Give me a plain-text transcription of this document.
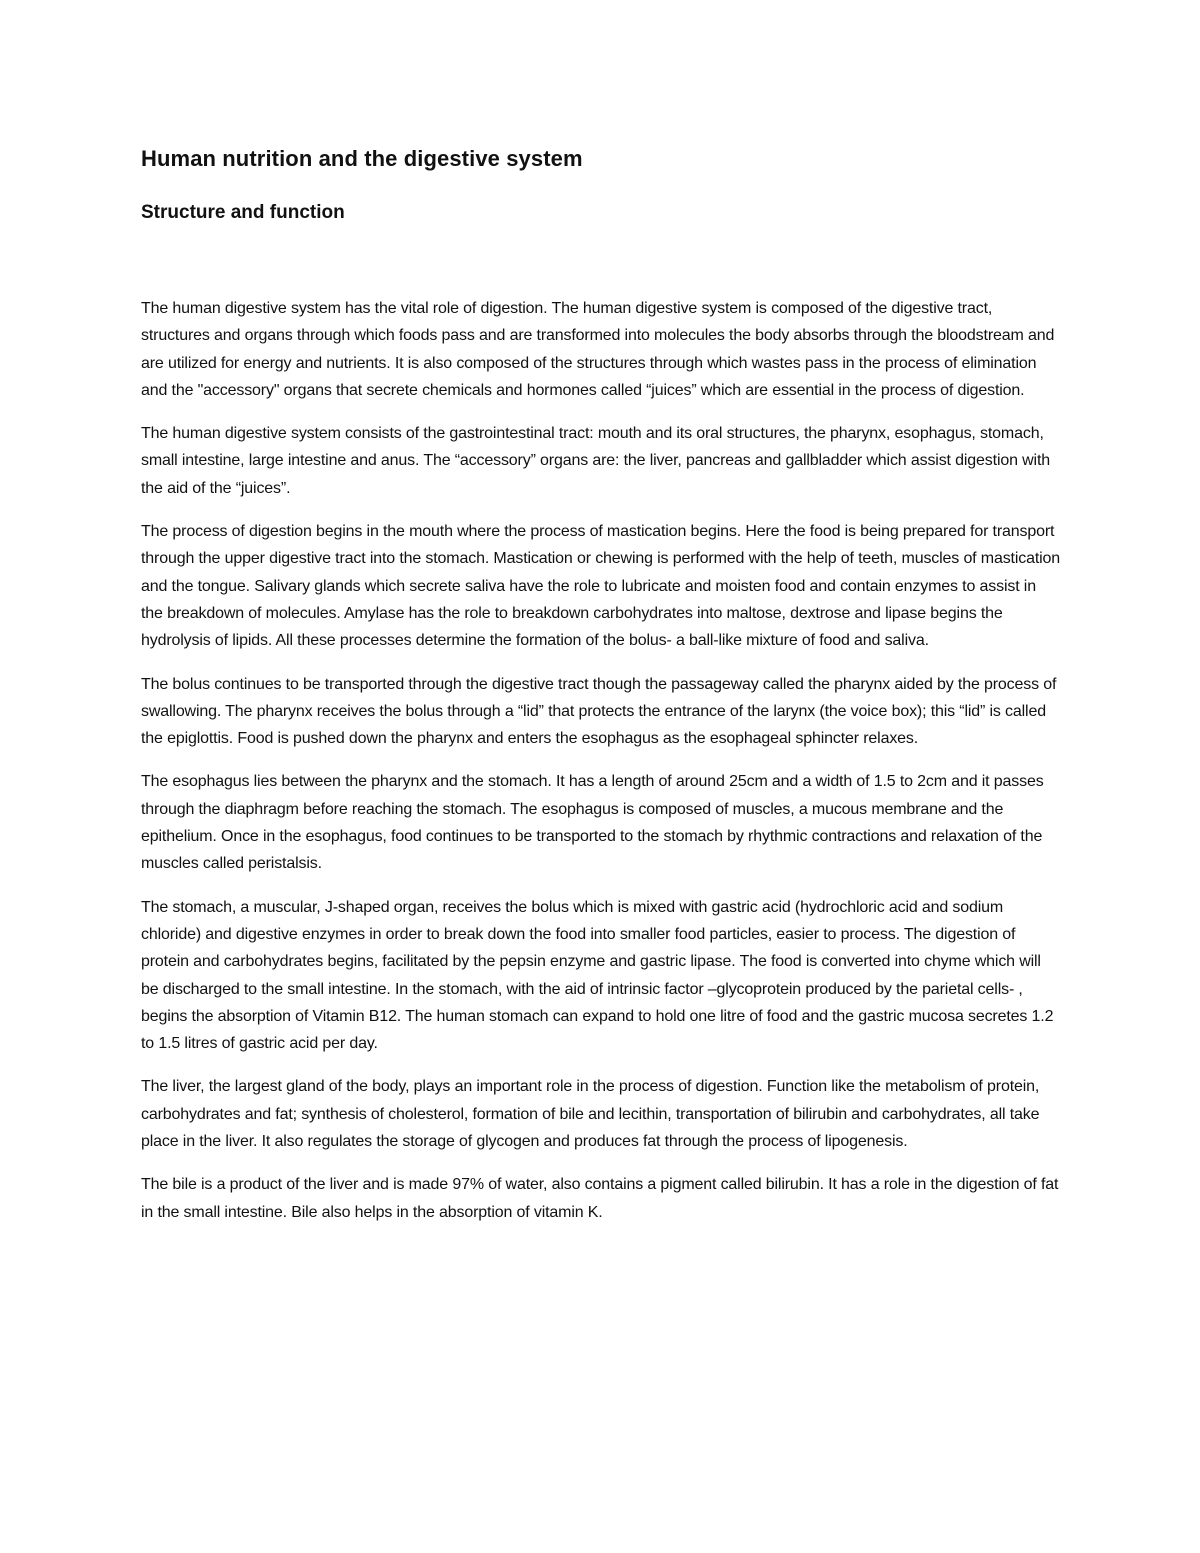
Human nutrition and the digestive system
Structure and function

The human digestive system has the vital role of digestion. The human digestive system is composed of the digestive tract, structures and organs through which foods pass and are transformed into molecules the body absorbs through the bloodstream and are utilized for energy and nutrients. It is also composed of the structures through which wastes pass in the process of elimination and the "accessory" organs that secrete chemicals and hormones called “juices” which are essential in the process of digestion.

The human digestive system consists of the gastrointestinal tract: mouth and its oral structures, the pharynx, esophagus, stomach, small intestine, large intestine and anus. The “accessory” organs are: the liver, pancreas and gallbladder which assist digestion with the aid of the “juices”.

The process of digestion begins in the mouth where the process of mastication begins. Here the food is being prepared for transport through the upper digestive tract into the stomach. Mastication or chewing is performed with the help of teeth, muscles of mastication and the tongue. Salivary glands which secrete saliva have the role to lubricate and moisten food and contain enzymes to assist in the breakdown of molecules. Amylase has the role to breakdown carbohydrates into maltose, dextrose and lipase begins the hydrolysis of lipids. All these processes determine the formation of the bolus- a ball-like mixture of food and saliva.

The bolus continues to be transported through the digestive tract though the passageway called the pharynx aided by the process of swallowing. The pharynx receives the bolus through a “lid” that protects the entrance of the larynx (the voice box); this “lid” is called the epiglottis. Food is pushed down the pharynx and enters the esophagus as the esophageal sphincter relaxes.

The esophagus lies between the pharynx and the stomach. It has a length of around 25cm and a width of 1.5 to 2cm and it passes through the diaphragm before reaching the stomach. The esophagus is composed of muscles, a mucous membrane and the epithelium. Once in the esophagus, food continues to be transported to the stomach by rhythmic contractions and relaxation of the muscles called peristalsis.

The stomach, a muscular, J-shaped organ, receives the bolus which is mixed with gastric acid (hydrochloric acid and sodium chloride) and digestive enzymes in order to break down the food into smaller food particles, easier to process. The digestion of protein and carbohydrates begins, facilitated by the pepsin enzyme and gastric lipase. The food is converted into chyme which will be discharged to the small intestine. In the stomach, with the aid of intrinsic factor –glycoprotein produced by the parietal cells- , begins the absorption of Vitamin B12. The human stomach can expand to hold one litre of food and the gastric mucosa secretes 1.2 to 1.5 litres of gastric acid per day.

The liver, the largest gland of the body, plays an important role in the process of digestion. Function like the metabolism of protein, carbohydrates and fat; synthesis of cholesterol, formation of bile and lecithin, transportation of bilirubin and carbohydrates, all take place in the liver. It also regulates the storage of glycogen and produces fat through the process of lipogenesis.

The bile is a product of the liver and is made 97% of water, also contains a pigment called bilirubin. It has a role in the digestion of fat in the small intestine. Bile also helps in the absorption of vitamin K.
